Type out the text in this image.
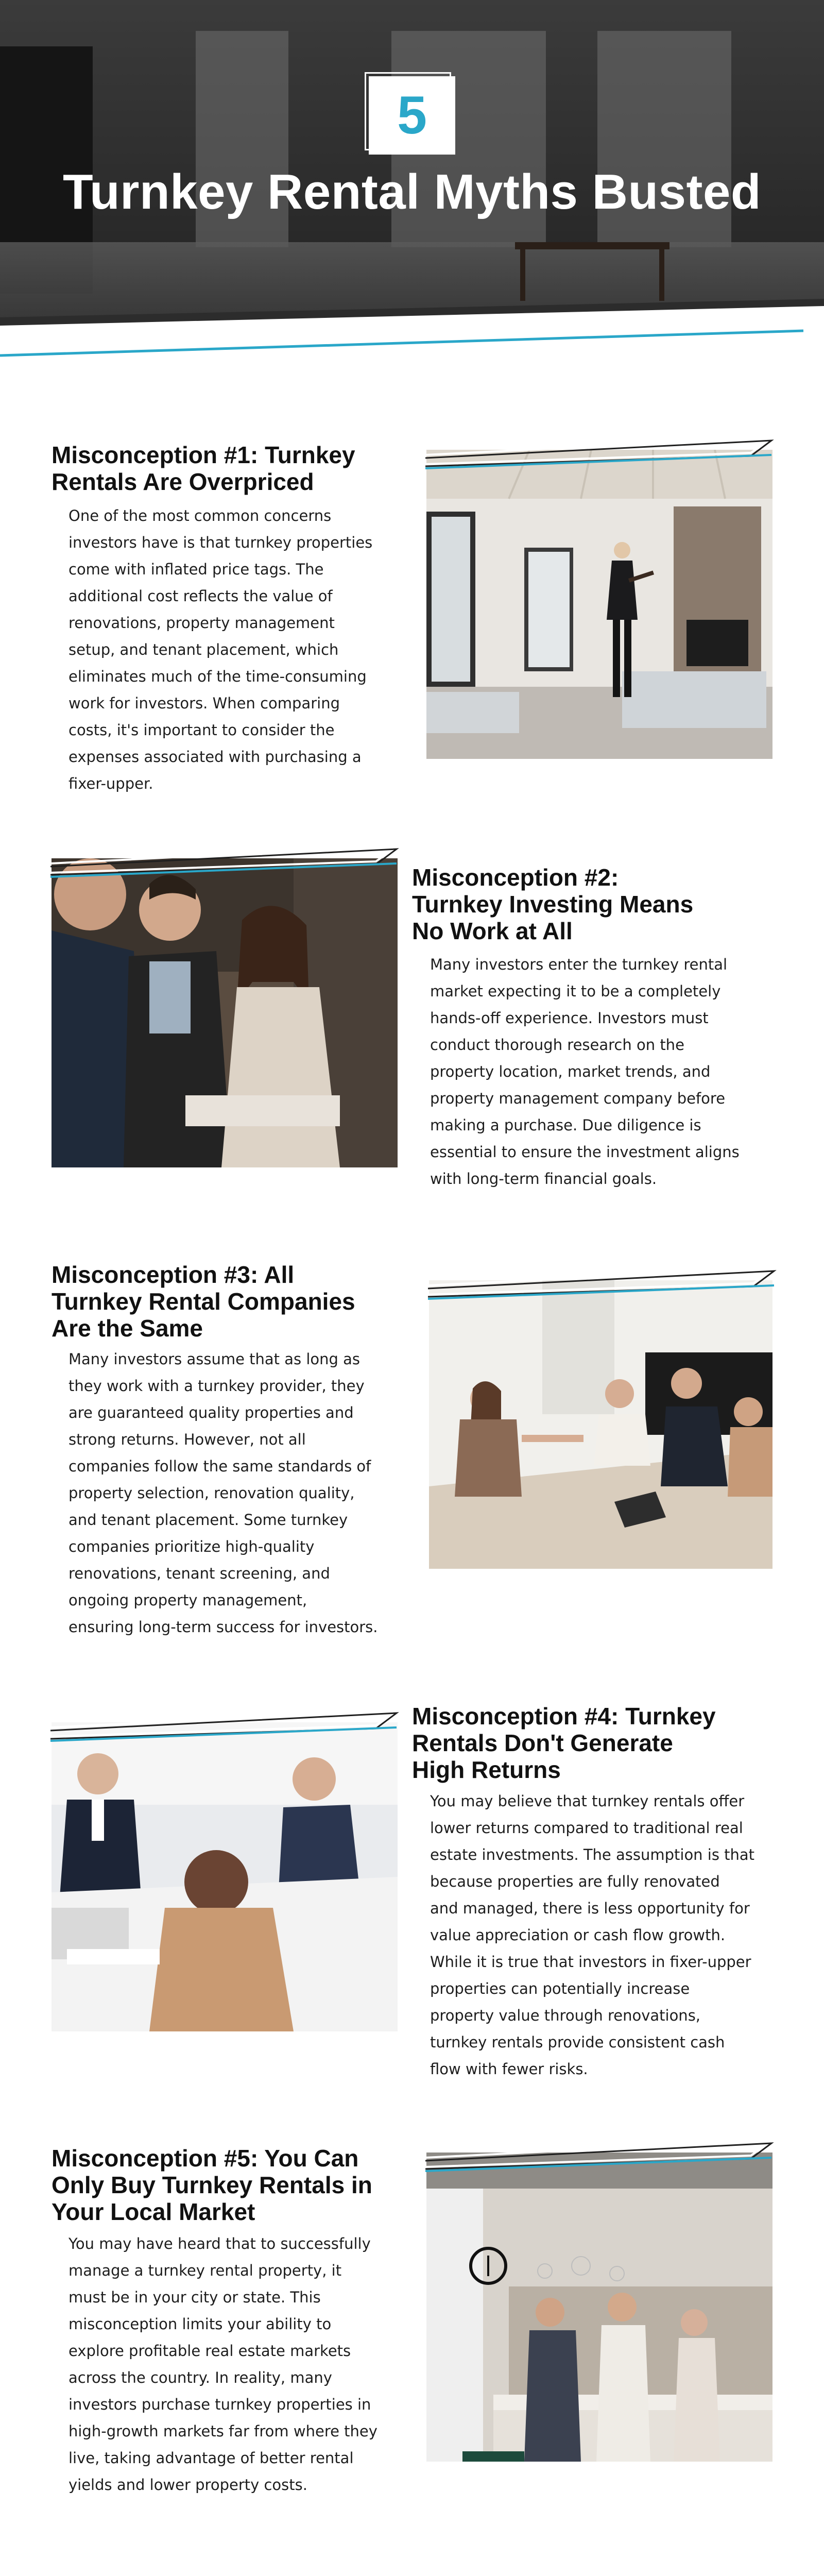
5
Turnkey Rental Myths Busted
Misconception #1: Turnkey
Rentals Are Overpriced
One of the most common concerns
investors have is that turnkey properties
come with inflated price tags. The
additional cost reflects the value of
renovations, property management
setup, and tenant placement, which
eliminates much of the time-consuming
work for investors. When comparing
costs, it's important to consider the
expenses associated with purchasing a
fixer-upper.
Misconception #2:
Turnkey Investing Means
No Work at All
Many investors enter the turnkey rental
market expecting it to be a completely
hands-off experience. Investors must
conduct thorough research on the
property location, market trends, and
property management company before
making a purchase. Due diligence is
essential to ensure the investment aligns
with long-term financial goals.
Misconception #3: All
Turnkey Rental Companies
Are the Same
Many investors assume that as long as
they work with a turnkey provider, they
are guaranteed quality properties and
strong returns. However, not all
companies follow the same standards of
property selection, renovation quality,
and tenant placement. Some turnkey
companies prioritize high-quality
renovations, tenant screening, and
ongoing property management,
ensuring long-term success for investors.
Misconception #4: Turnkey
Rentals Don't Generate
High Returns
You may believe that turnkey rentals offer
lower returns compared to traditional real
estate investments. The assumption is that
because properties are fully renovated
and managed, there is less opportunity for
value appreciation or cash flow growth.
While it is true that investors in fixer-upper
properties can potentially increase
property value through renovations,
turnkey rentals provide consistent cash
flow with fewer risks.
Misconception #5: You Can
Only Buy Turnkey Rentals in
Your Local Market
You may have heard that to successfully
manage a turnkey rental property, it
must be in your city or state. This
misconception limits your ability to
explore profitable real estate markets
across the country. In reality, many
investors purchase turnkey properties in
high-growth markets far from where they
live, taking advantage of better rental
yields and lower property costs.
